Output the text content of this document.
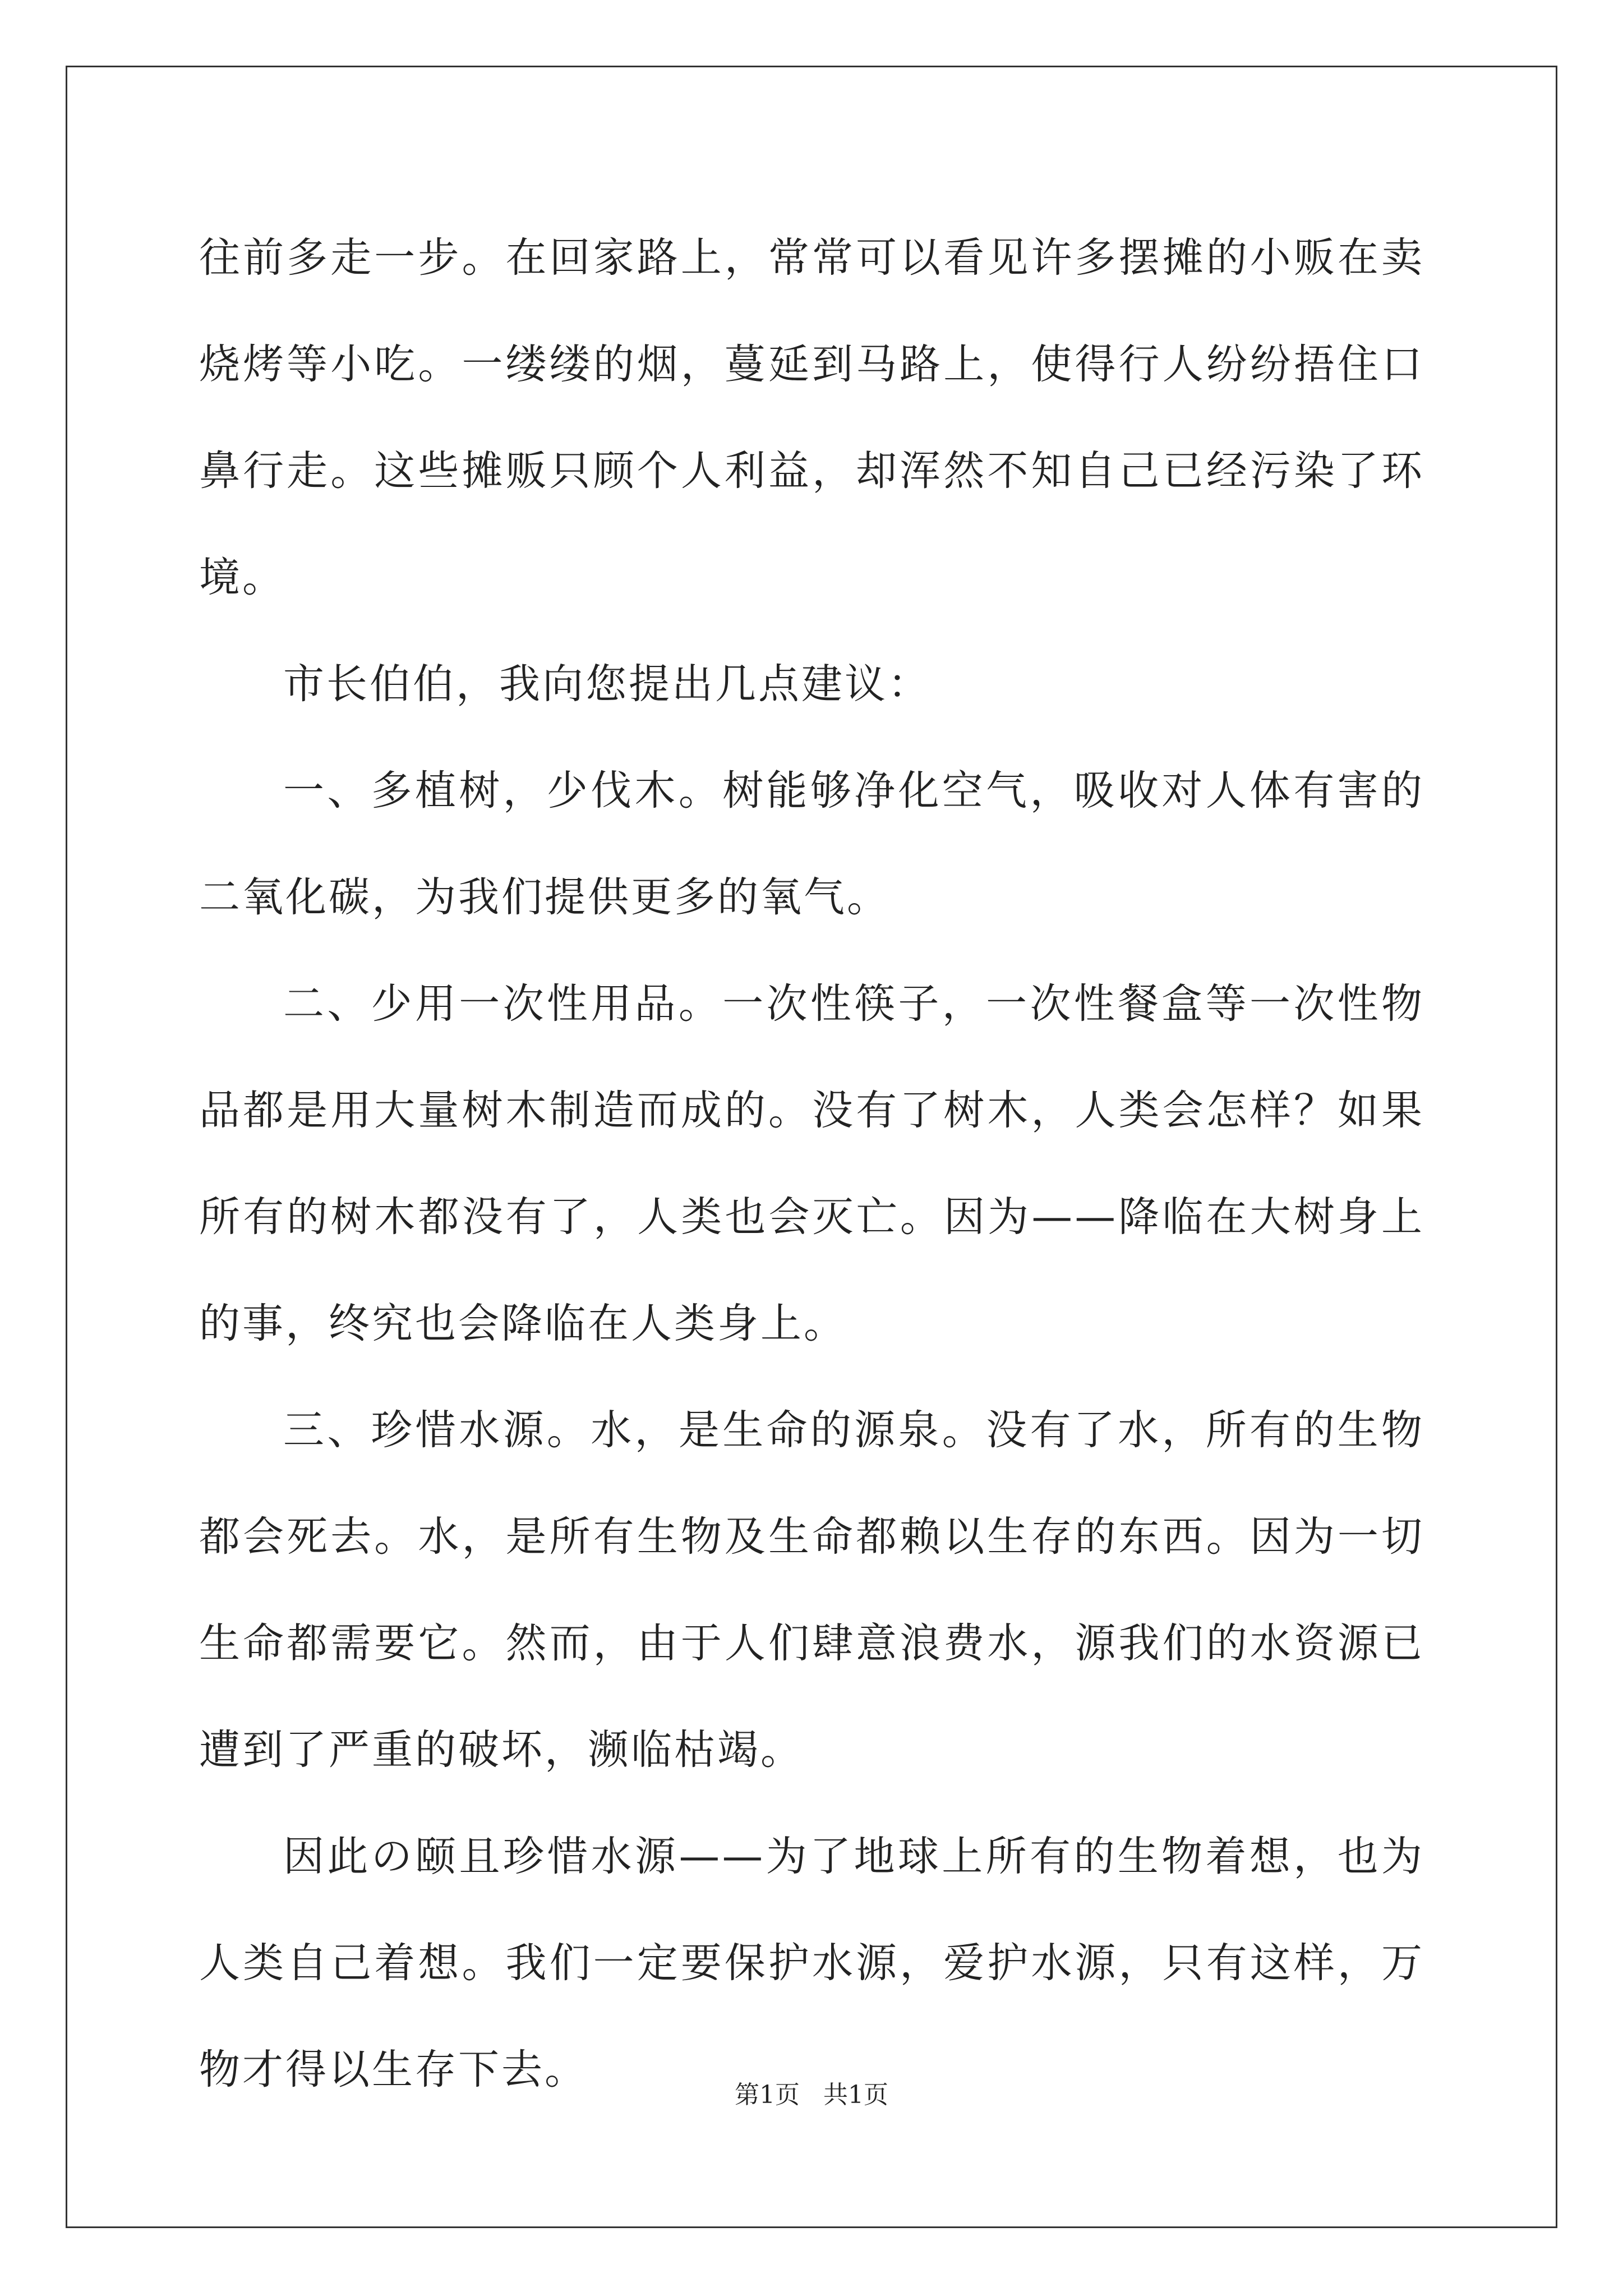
往前多走一步。在回家路上，常常可以看见许多摆摊的小贩在卖烧烤等小吃。一缕缕的烟，蔓延到马路上，使得行人纷纷捂住口鼻行走。这些摊贩只顾个人利益，却浑然不知自己已经污染了环境。

市长伯伯，我向您提出几点建议：

一、多植树，少伐木。树能够净化空气，吸收对人体有害的二氧化碳，为我们提供更多的氧气。

二、少用一次性用品。一次性筷子，一次性餐盒等一次性物品都是用大量树木制造而成的。没有了树木，人类会怎样？如果所有的树木都没有了，人类也会灭亡。因为——降临在大树身上的事，终究也会降临在人类身上。

三、珍惜水源。水，是生命的源泉。没有了水，所有的生物都会死去。水，是所有生物及生命都赖以生存的东西。因为一切生命都需要它。然而，由于人们肆意浪费水，源我们的水资源已遭到了严重的破坏，濒临枯竭。

因此の颐且珍惜水源——为了地球上所有的生物着想，也为人类自己着想。我们一定要保护水源，爱护水源，只有这样，万物才得以生存下去。

第1页   共1页
